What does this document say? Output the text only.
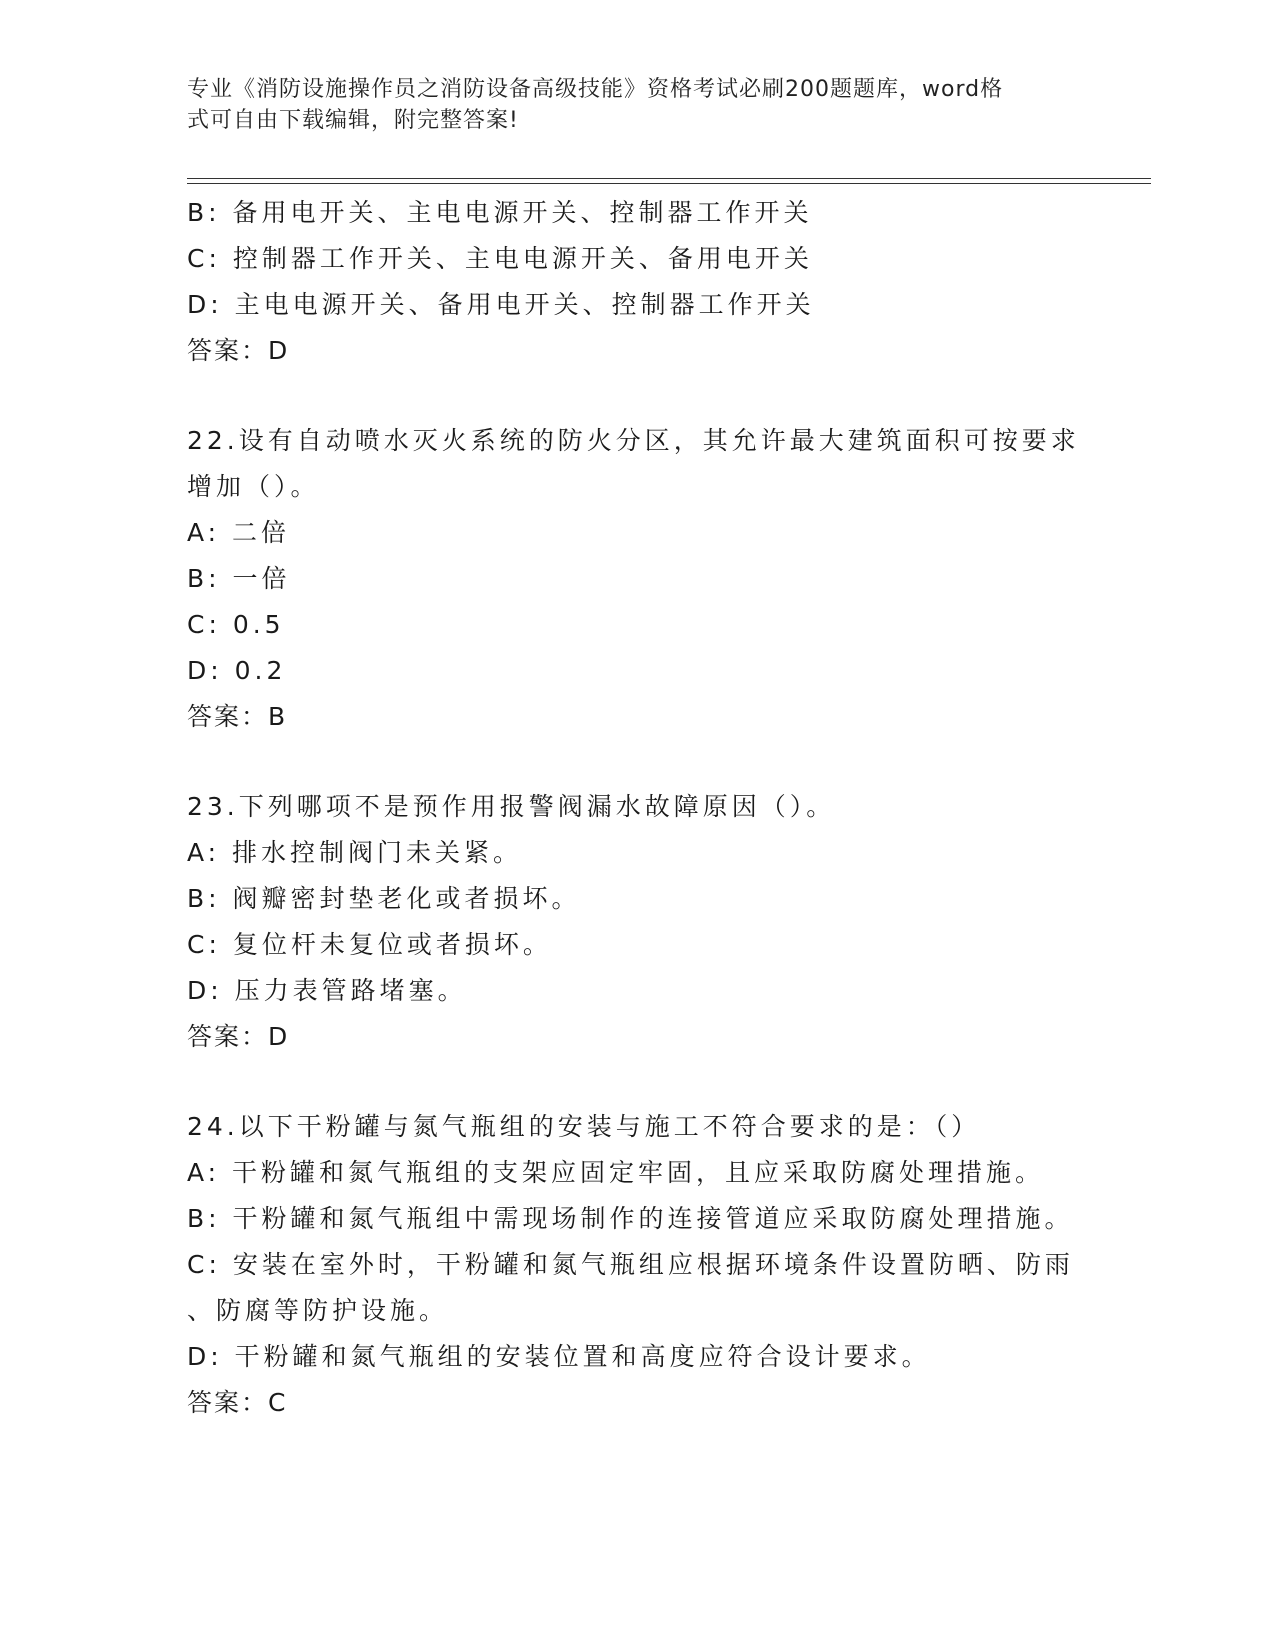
专业《消防设施操作员之消防设备高级技能》资格考试必刷200题题库，word格
式可自由下载编辑，附完整答案!
B: 备用电开关、主电电源开关、控制器工作开关
C: 控制器工作开关、主电电源开关、备用电开关
D: 主电电源开关、备用电开关、控制器工作开关
答案：D
22.设有自动喷水灭火系统的防火分区，其允许最大建筑面积可按要求
增加（）。
A: 二倍
B: 一倍
C: 0.5
D: 0.2
答案：B
23.下列哪项不是预作用报警阀漏水故障原因（）。
A: 排水控制阀门未关紧。
B: 阀瓣密封垫老化或者损坏。
C: 复位杆未复位或者损坏。
D: 压力表管路堵塞。
答案：D
24.以下干粉罐与氮气瓶组的安装与施工不符合要求的是：（）
A: 干粉罐和氮气瓶组的支架应固定牢固，且应采取防腐处理措施。
B: 干粉罐和氮气瓶组中需现场制作的连接管道应采取防腐处理措施。
C: 安装在室外时，干粉罐和氮气瓶组应根据环境条件设置防晒、防雨
、防腐等防护设施。
D: 干粉罐和氮气瓶组的安装位置和高度应符合设计要求。
答案：C
